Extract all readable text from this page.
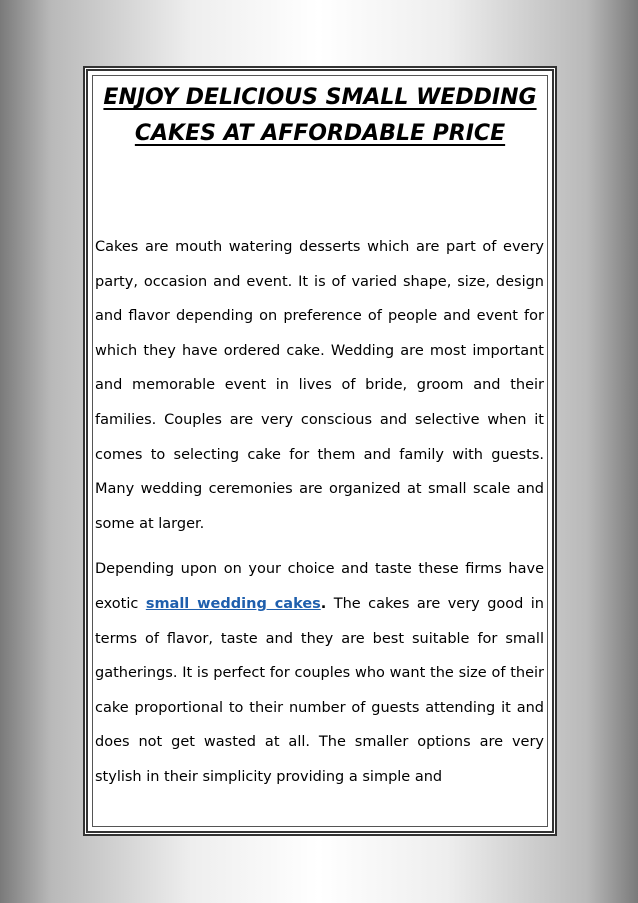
ENJOY DELICIOUS SMALL WEDDING CAKES AT AFFORDABLE PRICE

Cakes are mouth watering desserts which are part of every party, occasion and event. It is of varied shape, size, design and flavor depending on preference of people and event for which they have ordered cake. Wedding are most important and memorable event in lives of bride, groom and their families. Couples are very conscious and selective when it comes to selecting cake for them and family with guests. Many wedding ceremonies are organized at small scale and some at larger.

Depending upon on your choice and taste these firms have exotic small wedding cakes. The cakes are very good in terms of flavor, taste and they are best suitable for small gatherings. It is perfect for couples who want the size of their cake proportional to their number of guests attending it and does not get wasted at all. The smaller options are very stylish in their simplicity providing a simple and
